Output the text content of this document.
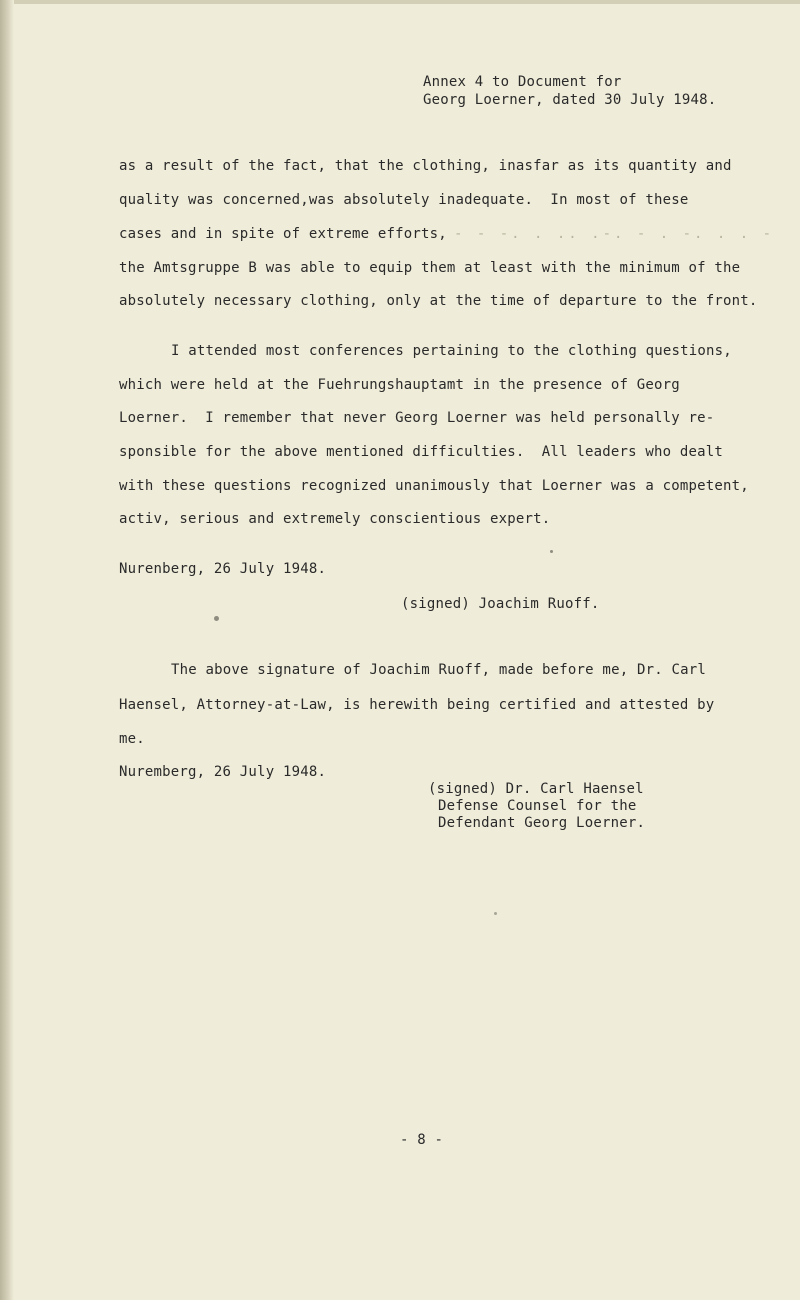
Annex 4 to Document for
Georg Loerner, dated 30 July 1948.
as a result of the fact, that the clothing, inasfar as its quantity and
quality was concerned,was absolutely inadequate.  In most of these
cases and in spite of extreme efforts, - - -. . .. .-. - . -. . . -
the Amtsgruppe B was able to equip them at least with the minimum of the
absolutely necessary clothing, only at the time of departure to the front.
I attended most conferences pertaining to the clothing questions,
which were held at the Fuehrungshauptamt in the presence of Georg
Loerner.  I remember that never Georg Loerner was held personally re-
sponsible for the above mentioned difficulties.  All leaders who dealt
with these questions recognized unanimously that Loerner was a competent,
activ, serious and extremely conscientious expert.
Nurenberg, 26 July 1948.
(signed) Joachim Ruoff.
The above signature of Joachim Ruoff, made before me, Dr. Carl
Haensel, Attorney-at-Law, is herewith being certified and attested by
me.
Nuremberg, 26 July 1948.
(signed) Dr. Carl Haensel
Defense Counsel for the
Defendant Georg Loerner.
- 8 -
